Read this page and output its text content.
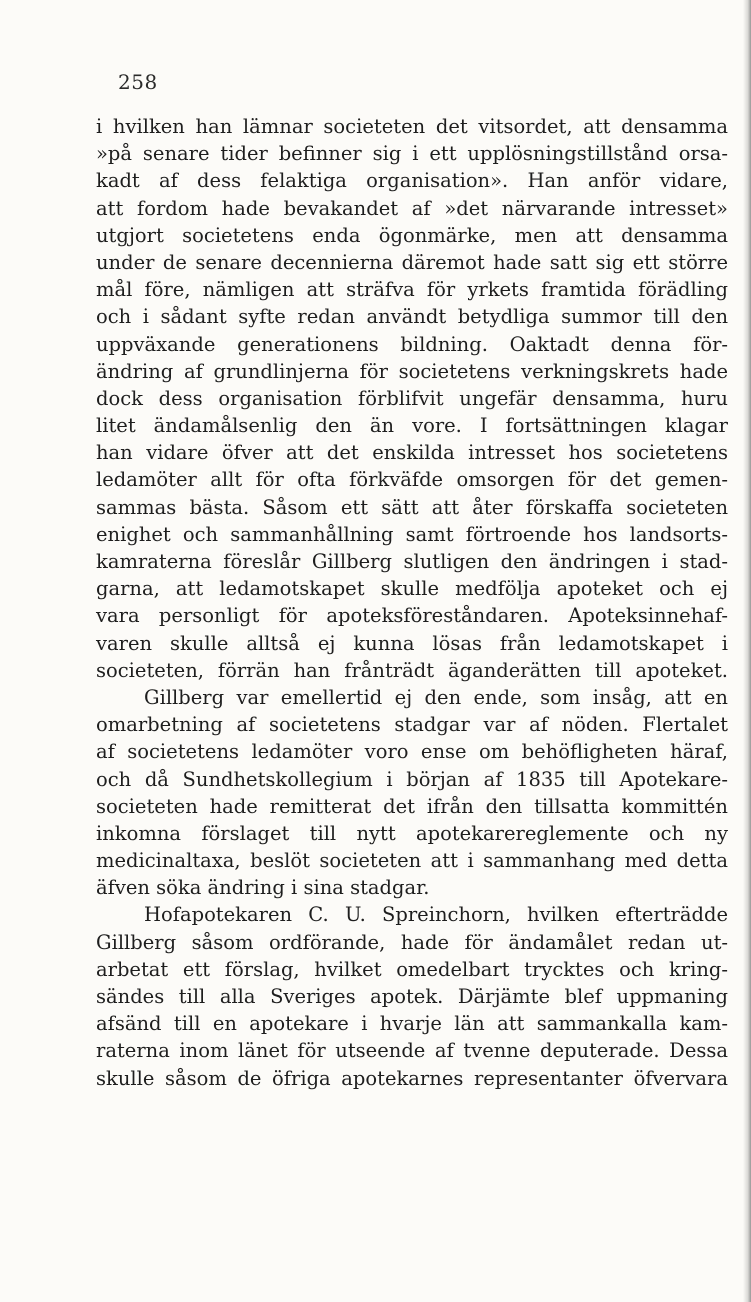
258
i hvilken han lämnar societeten det vitsordet, att densamma
»på senare tider befinner sig i ett upplösningstillstånd orsa-
kadt af dess felaktiga organisation». Han anför vidare,
att fordom hade bevakandet af »det närvarande intresset»
utgjort societetens enda ögonmärke, men att densamma
under de senare decennierna däremot hade satt sig ett större
mål före, nämligen att sträfva för yrkets framtida förädling
och i sådant syfte redan användt betydliga summor till den
uppväxande generationens bildning. Oaktadt denna för-
ändring af grundlinjerna för societetens verkningskrets hade
dock dess organisation förblifvit ungefär densamma, huru
litet ändamålsenlig den än vore. I fortsättningen klagar
han vidare öfver att det enskilda intresset hos societetens
ledamöter allt för ofta förkväfde omsorgen för det gemen-
sammas bästa. Såsom ett sätt att åter förskaffa societeten
enighet och sammanhållning samt förtroende hos landsorts-
kamraterna föreslår Gillberg slutligen den ändringen i stad-
garna, att ledamotskapet skulle medfölja apoteket och ej
vara personligt för apoteksföreståndaren. Apoteksinnehaf-
varen skulle alltså ej kunna lösas från ledamotskapet i
societeten, förrän han frånträdt äganderätten till apoteket.
Gillberg var emellertid ej den ende, som insåg, att en
omarbetning af societetens stadgar var af nöden. Flertalet
af societetens ledamöter voro ense om behöfligheten häraf,
och då Sundhetskollegium i början af 1835 till Apotekare-
societeten hade remitterat det ifrån den tillsatta kommittén
inkomna förslaget till nytt apotekarereglemente och ny
medicinaltaxa, beslöt societeten att i sammanhang med detta
äfven söka ändring i sina stadgar.
Hofapotekaren C. U. Spreinchorn, hvilken efterträdde
Gillberg såsom ordförande, hade för ändamålet redan ut-
arbetat ett förslag, hvilket omedelbart trycktes och kring-
sändes till alla Sveriges apotek. Därjämte blef uppmaning
afsänd till en apotekare i hvarje län att sammankalla kam-
raterna inom länet för utseende af tvenne deputerade. Dessa
skulle såsom de öfriga apotekarnes representanter öfvervara
